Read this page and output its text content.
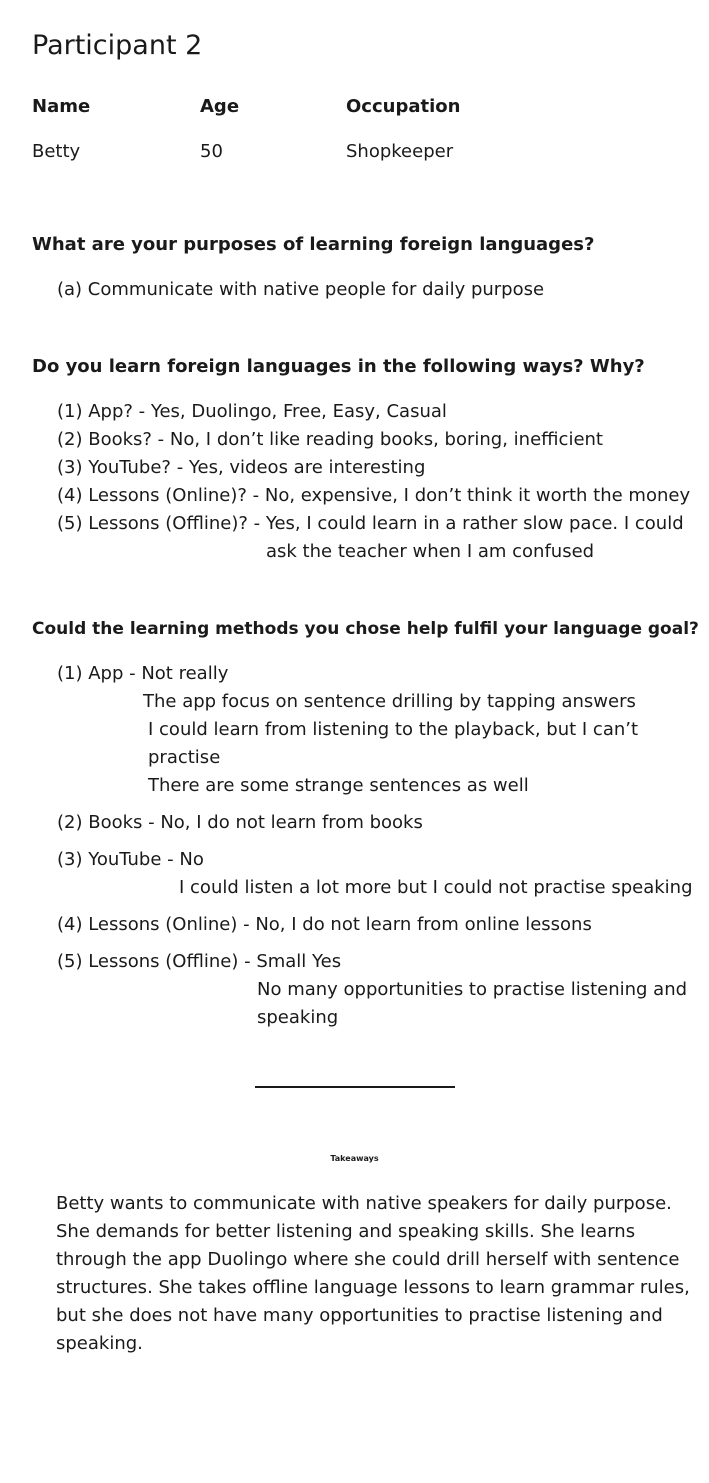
Participant 2
Name	Age	Occupation
Betty	50	Shopkeeper
What are your purposes of learning foreign languages?
(a) Communicate with native people for daily purpose
Do you learn foreign languages in the following ways? Why?
(1) App? - Yes, Duolingo, Free, Easy, Casual
(2) Books? - No, I don’t like reading books, boring, inefficient
(3) YouTube? - Yes, videos are interesting
(4) Lessons (Online)? - No, expensive, I don’t think it worth the money
(5) Lessons (Offline)? - Yes, I could learn in a rather slow pace. I could
ask the teacher when I am confused
Could the learning methods you chose help fulfil your language goal?
(1) App - Not really
The app focus on sentence drilling by tapping answers
I could learn from listening to the playback, but I can’t
practise
There are some strange sentences as well
(2) Books - No, I do not learn from books
(3) YouTube - No
I could listen a lot more but I could not practise speaking
(4) Lessons (Online) - No, I do not learn from online lessons
(5) Lessons (Offline) - Small Yes
No many opportunities to practise listening and
speaking
Takeaways
Betty wants to communicate with native speakers for daily purpose.
She demands for better listening and speaking skills. She learns
through the app Duolingo where she could drill herself with sentence
structures. She takes offline language lessons to learn grammar rules,
but she does not have many opportunities to practise listening and
speaking.
